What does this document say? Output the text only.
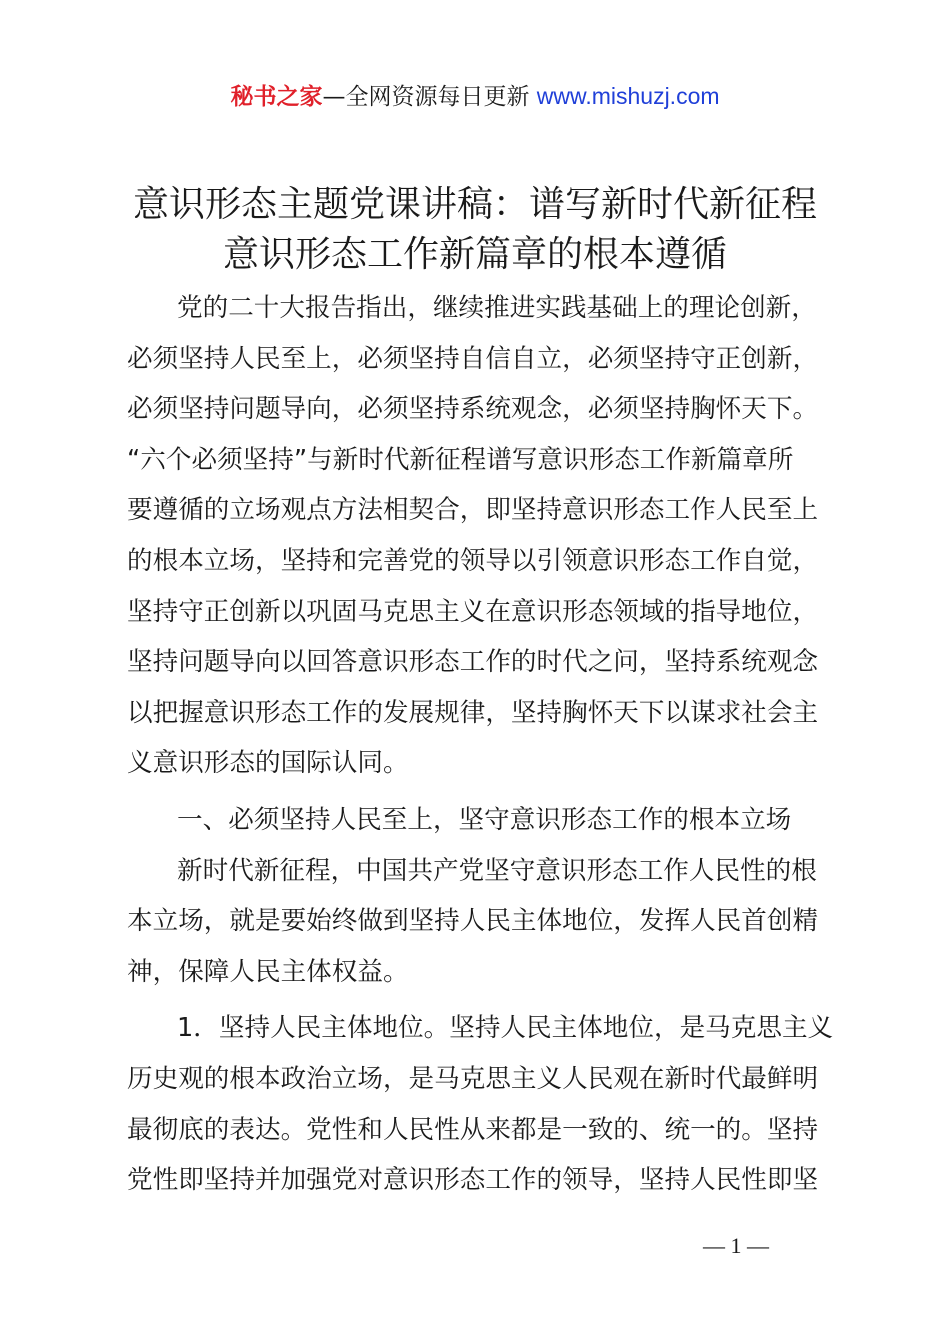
秘书之家—全网资源每日更新 www.mishuzj.com
意识形态主题党课讲稿：谱写新时代新征程
意识形态工作新篇章的根本遵循
党的二十大报告指出，继续推进实践基础上的理论创新，
必须坚持人民至上，必须坚持自信自立，必须坚持守正创新，
必须坚持问题导向，必须坚持系统观念，必须坚持胸怀天下。
“六个必须坚持”与新时代新征程谱写意识形态工作新篇章所
要遵循的立场观点方法相契合，即坚持意识形态工作人民至上
的根本立场，坚持和完善党的领导以引领意识形态工作自觉，
坚持守正创新以巩固马克思主义在意识形态领域的指导地位，
坚持问题导向以回答意识形态工作的时代之问，坚持系统观念
以把握意识形态工作的发展规律，坚持胸怀天下以谋求社会主
义意识形态的国际认同。
一、必须坚持人民至上，坚守意识形态工作的根本立场
新时代新征程，中国共产党坚守意识形态工作人民性的根
本立场，就是要始终做到坚持人民主体地位，发挥人民首创精
神，保障人民主体权益。
1．坚持人民主体地位。坚持人民主体地位，是马克思主义
历史观的根本政治立场，是马克思主义人民观在新时代最鲜明
最彻底的表达。党性和人民性从来都是一致的、统一的。坚持
党性即坚持并加强党对意识形态工作的领导，坚持人民性即坚
— 1 —
